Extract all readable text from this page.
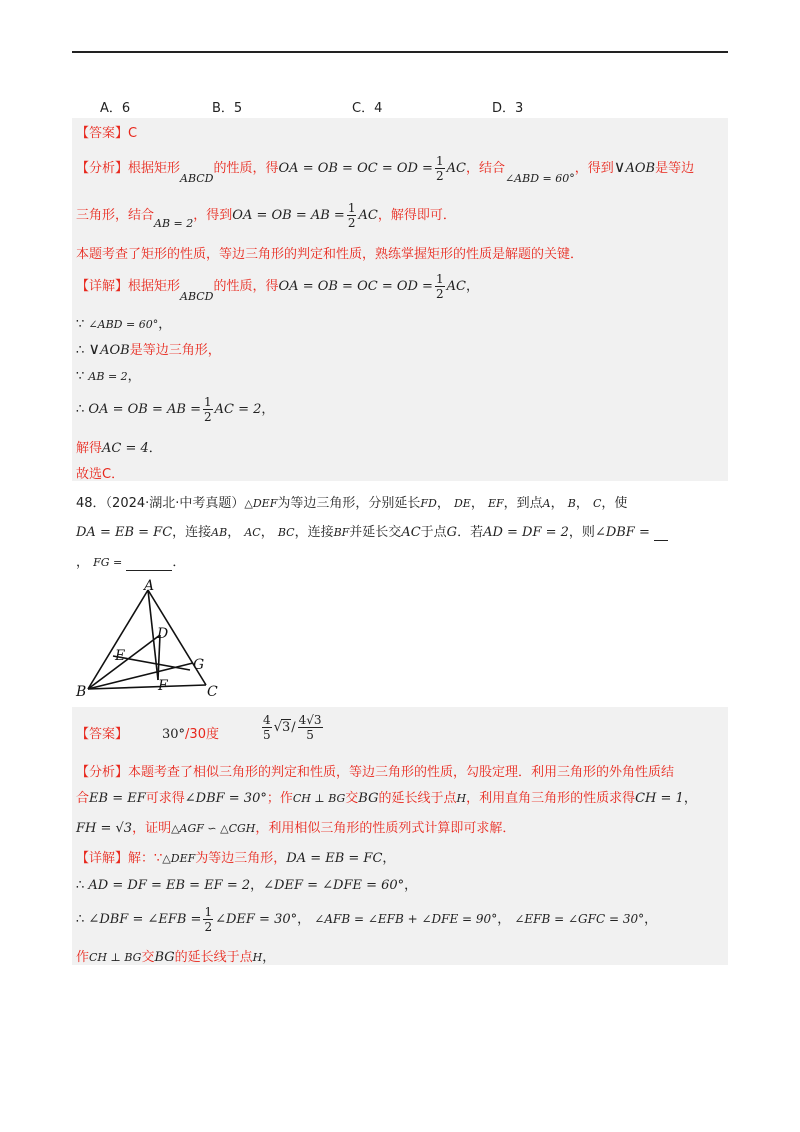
A．6	B．5	C．4	D．3
【答案】C
【分析】根据矩形$_{ABCD}$的性质，得OA = OB = OC = OD = $\frac{1}{2}$ AC，结合$_{\angle ABD = 60^\circ}$，得到∨AOB是等边
三角形，结合$_{AB = 2}$，得到OA = OB = AB = $\frac{1}{2}$ AC，解得即可．
本题考查了矩形的性质，等边三角形的判定和性质，熟练掌握矩形的性质是解题的关键．
【详解】根据矩形$_{ABCD}$的性质，得OA = OB = OC = OD = $\frac{1}{2}$ AC，
∵ ∠ABD = 60°，
∴ ∨AOB是等边三角形，
∵ AB = 2，
∴ OA = OB = AB = $\frac{1}{2}$ AC = 2，
解得AC = 4．
故选C．
48．（2024·湖北·中考真题）△DEF为等边三角形，分别延长FD， DE， EF，到点A， B， C，使
DA = EB = FC，连接AB， AC， BC，连接BF并延长交AC于点G．若AD = DF = 2，则∠DBF =
， FG =	．
A
B	C
D
E
F
G
【答案】	30°/30度	$\frac{4}{5} √3/ \frac{4√3}{5}$
【分析】本题考查了相似三角形的判定和性质，等边三角形的性质，勾股定理．利用三角形的外角性质结
合EB = EF可求得∠DBF = 30°；作CH ⊥ BG交BG的延长线于点H，利用直角三角形的性质求得CH = 1，
FH = √3，证明△AGF ∽ △CGH，利用相似三角形的性质列式计算即可求解．
【详解】解：∵△DEF为等边三角形，DA = EB = FC，
∴ AD = DF = EB = EF = 2，∠DEF = ∠DFE = 60°，
∴ ∠DBF = ∠EFB = $\frac{1}{2}$ ∠DEF = 30°， ∠AFB = ∠EFB + ∠DFE = 90°， ∠EFB = ∠GFC = 30°，
作CH ⊥ BG交BG的延长线于点H，
